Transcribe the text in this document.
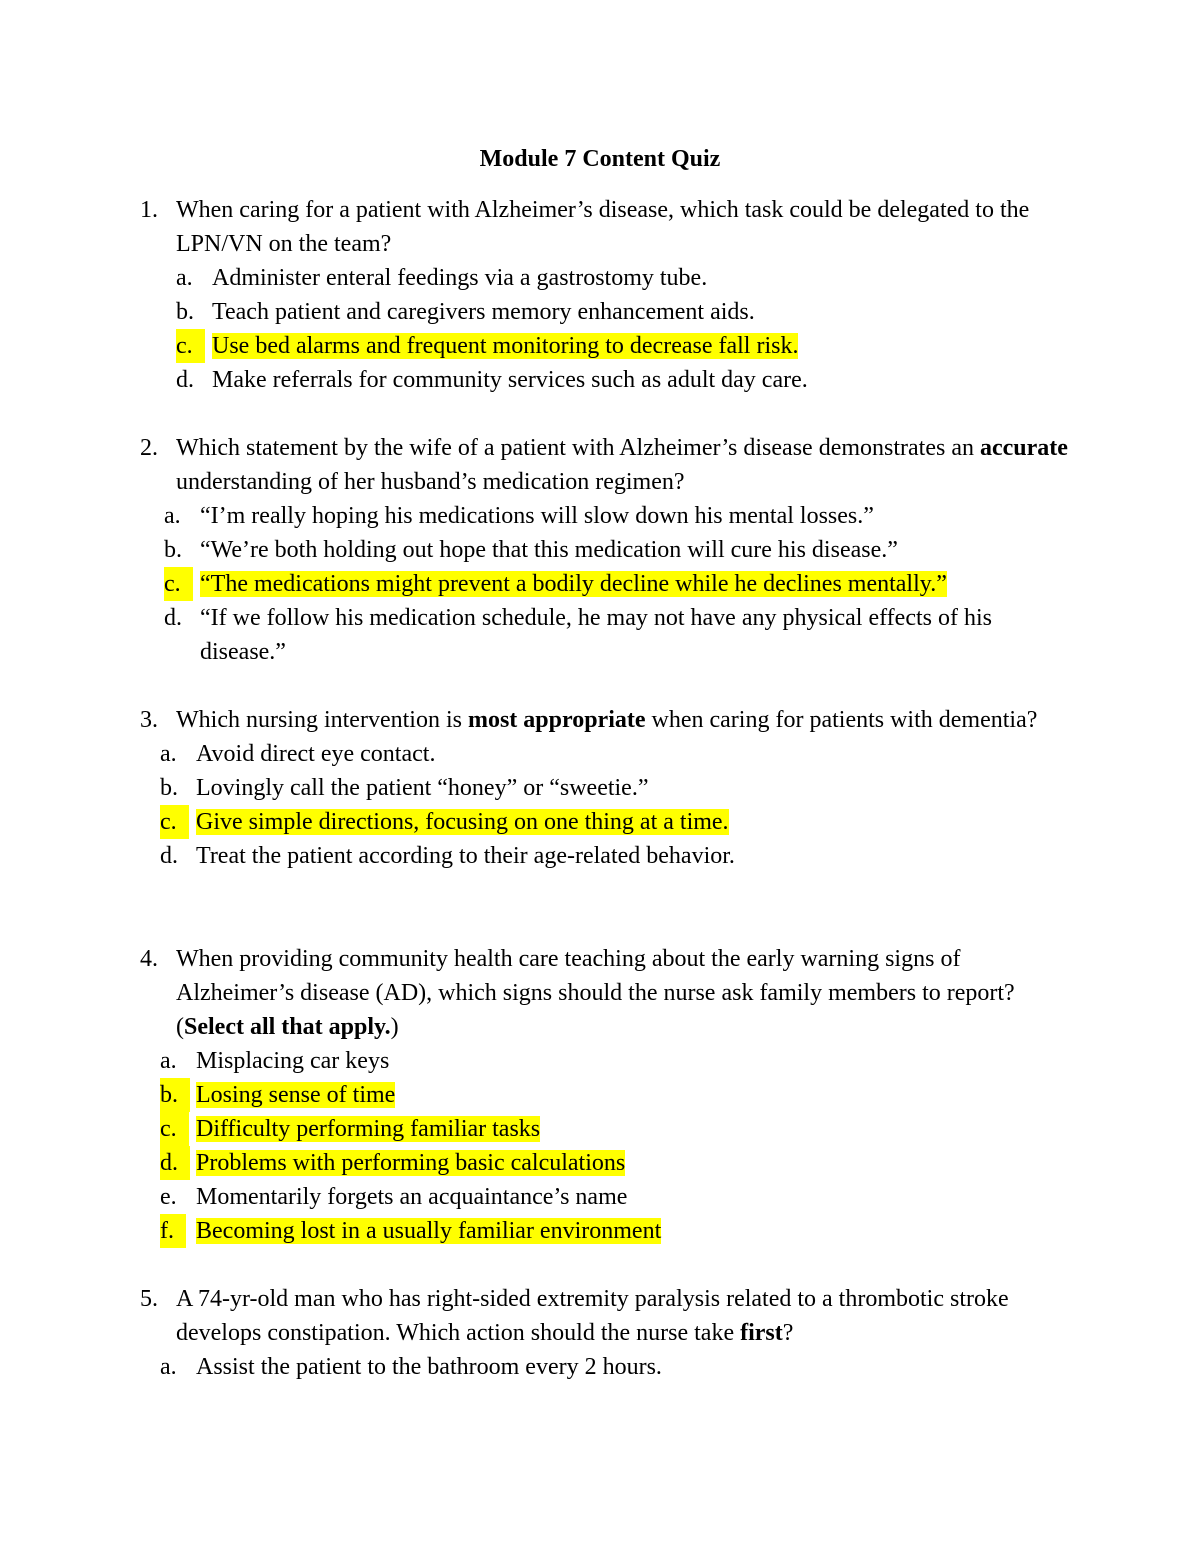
Module 7 Content Quiz
1. When caring for a patient with Alzheimer’s disease, which task could be delegated to the LPN/VN on the team?
a. Administer enteral feedings via a gastrostomy tube.
b. Teach patient and caregivers memory enhancement aids.
c. Use bed alarms and frequent monitoring to decrease fall risk.
d. Make referrals for community services such as adult day care.
2. Which statement by the wife of a patient with Alzheimer’s disease demonstrates an accurate understanding of her husband’s medication regimen?
a. “I’m really hoping his medications will slow down his mental losses.”
b. “We’re both holding out hope that this medication will cure his disease.”
c. “The medications might prevent a bodily decline while he declines mentally.”
d. “If we follow his medication schedule, he may not have any physical effects of his disease.”
3. Which nursing intervention is most appropriate when caring for patients with dementia?
a. Avoid direct eye contact.
b. Lovingly call the patient “honey” or “sweetie.”
c. Give simple directions, focusing on one thing at a time.
d. Treat the patient according to their age-related behavior.
4. When providing community health care teaching about the early warning signs of Alzheimer’s disease (AD), which signs should the nurse ask family members to report? (Select all that apply.)
a. Misplacing car keys
b. Losing sense of time
c. Difficulty performing familiar tasks
d. Problems with performing basic calculations
e. Momentarily forgets an acquaintance’s name
f. Becoming lost in a usually familiar environment
5. A 74-yr-old man who has right-sided extremity paralysis related to a thrombotic stroke develops constipation. Which action should the nurse take first?
a. Assist the patient to the bathroom every 2 hours.
